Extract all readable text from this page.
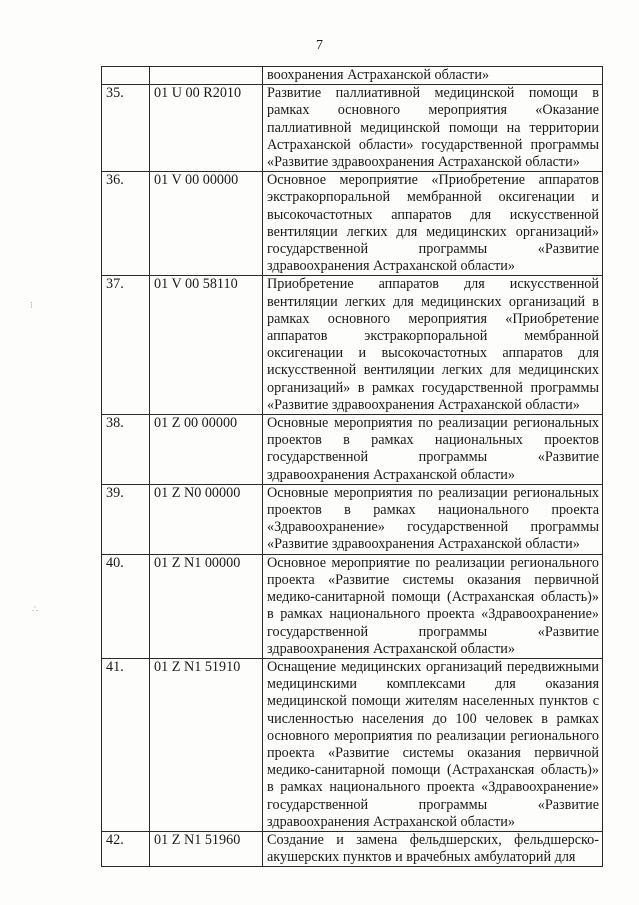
7
⁝
∴
		воохранения Астраханской области»
35.	01 U 00 R2010	Развитие паллиативной медицинской помощи в рамках основного мероприятия «Оказание паллиативной медицинской помощи на территории Астраханской области» государственной программы «Развитие здравоохранения Астраханской области»
36.	01 V 00 00000	Основное мероприятие «Приобретение аппаратов экстракорпоральной мембранной оксигенации и высокочастотных аппаратов для искусственной вентиляции легких для медицинских организаций» государственной программы «Развитие здравоохранения Астраханской области»
37.	01 V 00 58110	Приобретение аппаратов для искусственной вентиляции легких для медицинских организаций в рамках основного мероприятия «Приобретение аппаратов экстракорпоральной мембранной оксигенации и высокочастотных аппаратов для искусственной вентиляции легких для медицинских организаций» в рамках государственной программы «Развитие здравоохранения Астраханской области»
38.	01 Z 00 00000	Основные мероприятия по реализации региональных проектов в рамках национальных проектов государственной программы «Развитие здравоохранения Астраханской области»
39.	01 Z N0 00000	Основные мероприятия по реализации региональных проектов в рамках национального проекта «Здравоохранение» государственной программы «Развитие здравоохранения Астраханской области»
40.	01 Z N1 00000	Основное мероприятие по реализации регионального проекта «Развитие системы оказания первичной медико-санитарной помощи (Астраханская область)» в рамках национального проекта «Здравоохранение» государственной программы «Развитие здравоохранения Астраханской области»
41.	01 Z N1 51910	Оснащение медицинских организаций передвижными медицинскими комплексами для оказания медицинской помощи жителям населенных пунктов с численностью населения до 100 человек в рамках основного мероприятия по реализации регионального проекта «Развитие системы оказания первичной медико-санитарной помощи (Астраханская область)» в рамках национального проекта «Здравоохранение» государственной программы «Развитие здравоохранения Астраханской области»
42.	01 Z N1 51960	Создание и замена фельдшерских, фельдшерско-акушерских пунктов и врачебных амбулаторий для
